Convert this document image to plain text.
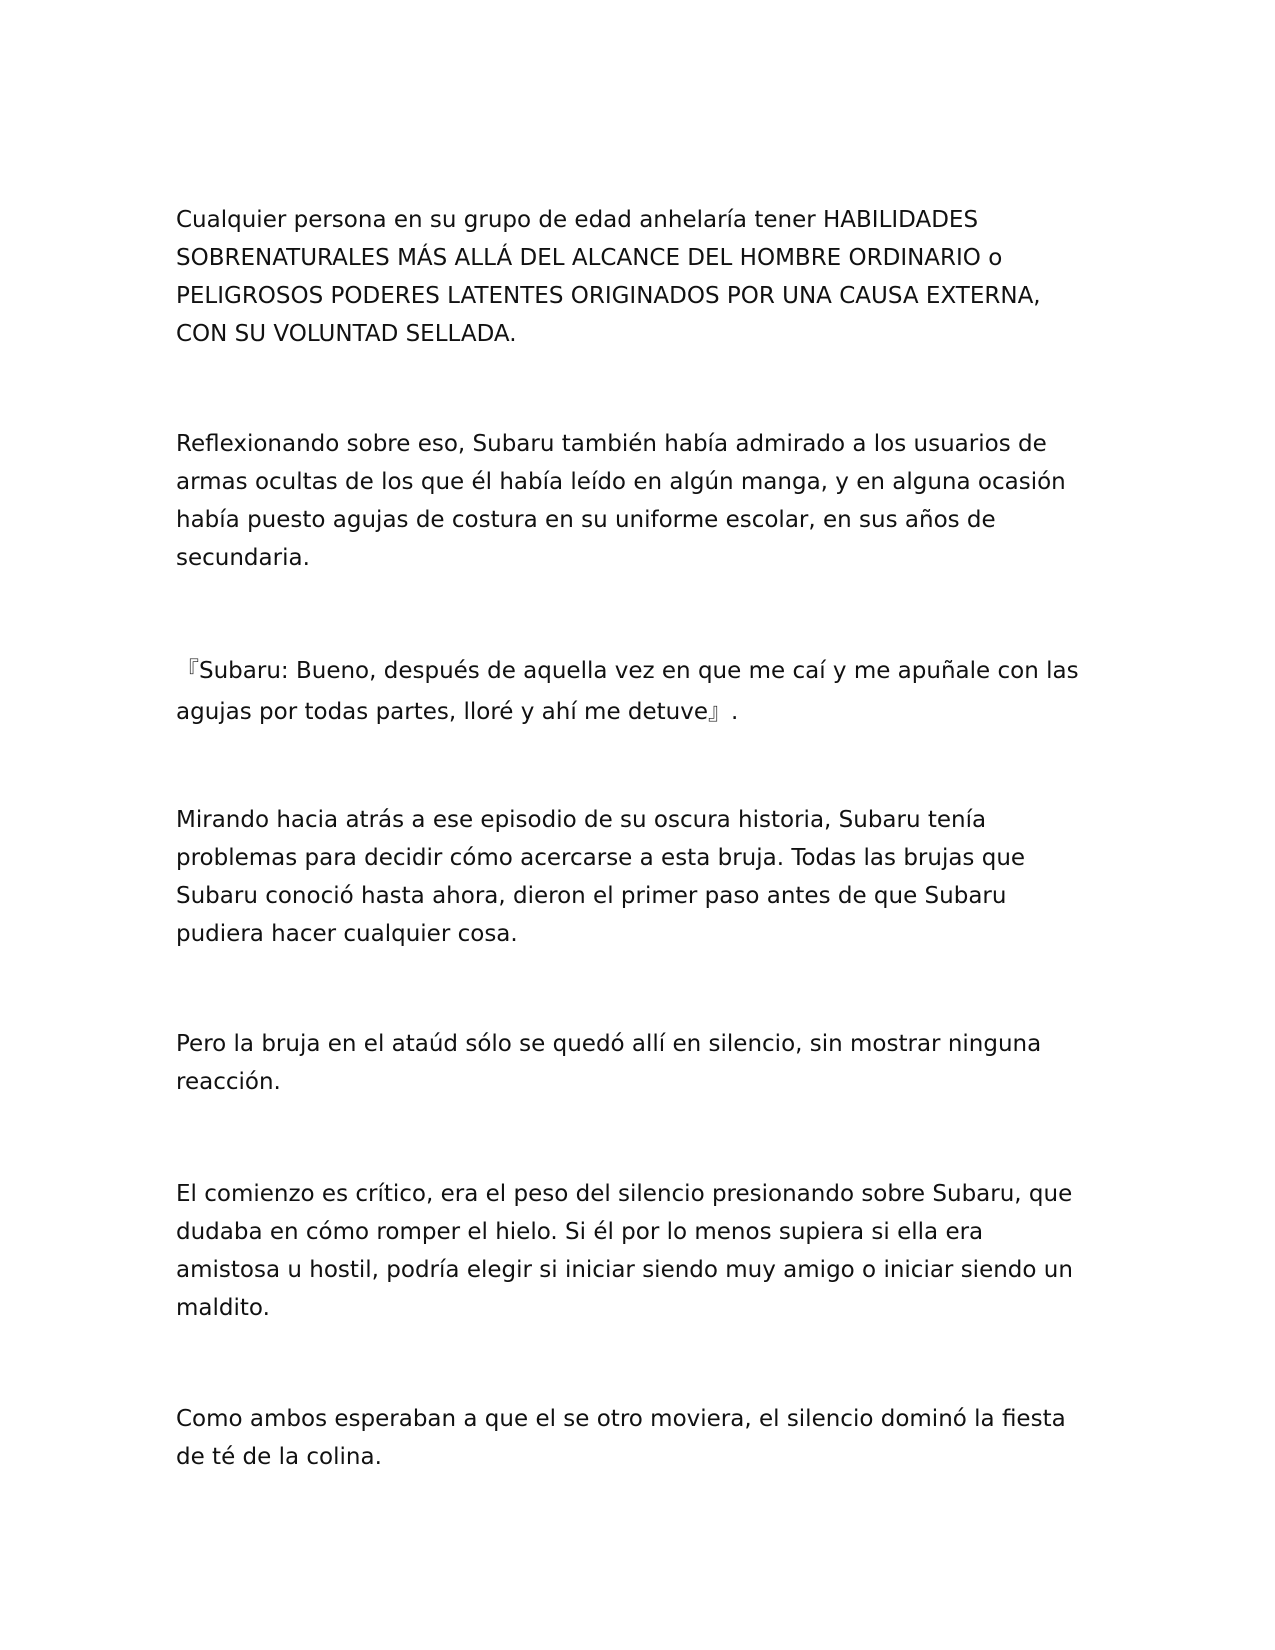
Cualquier persona en su grupo de edad anhelaría tener HABILIDADES
SOBRENATURALES MÁS ALLÁ DEL ALCANCE DEL HOMBRE ORDINARIO o
PELIGROSOS PODERES LATENTES ORIGINADOS POR UNA CAUSA EXTERNA,
CON SU VOLUNTAD SELLADA.

Reflexionando sobre eso, Subaru también había admirado a los usuarios de
armas ocultas de los que él había leído en algún manga, y en alguna ocasión
había puesto agujas de costura en su uniforme escolar, en sus años de
secundaria.

『Subaru: Bueno, después de aquella vez en que me caí y me apuñale con las
agujas por todas partes, lloré y ahí me detuve』.

Mirando hacia atrás a ese episodio de su oscura historia, Subaru tenía
problemas para decidir cómo acercarse a esta bruja. Todas las brujas que
Subaru conoció hasta ahora, dieron el primer paso antes de que Subaru
pudiera hacer cualquier cosa.

Pero la bruja en el ataúd sólo se quedó allí en silencio, sin mostrar ninguna
reacción.

El comienzo es crítico, era el peso del silencio presionando sobre Subaru, que
dudaba en cómo romper el hielo. Si él por lo menos supiera si ella era
amistosa u hostil, podría elegir si iniciar siendo muy amigo o iniciar siendo un
maldito.

Como ambos esperaban a que el se otro moviera, el silencio dominó la fiesta
de té de la colina.
